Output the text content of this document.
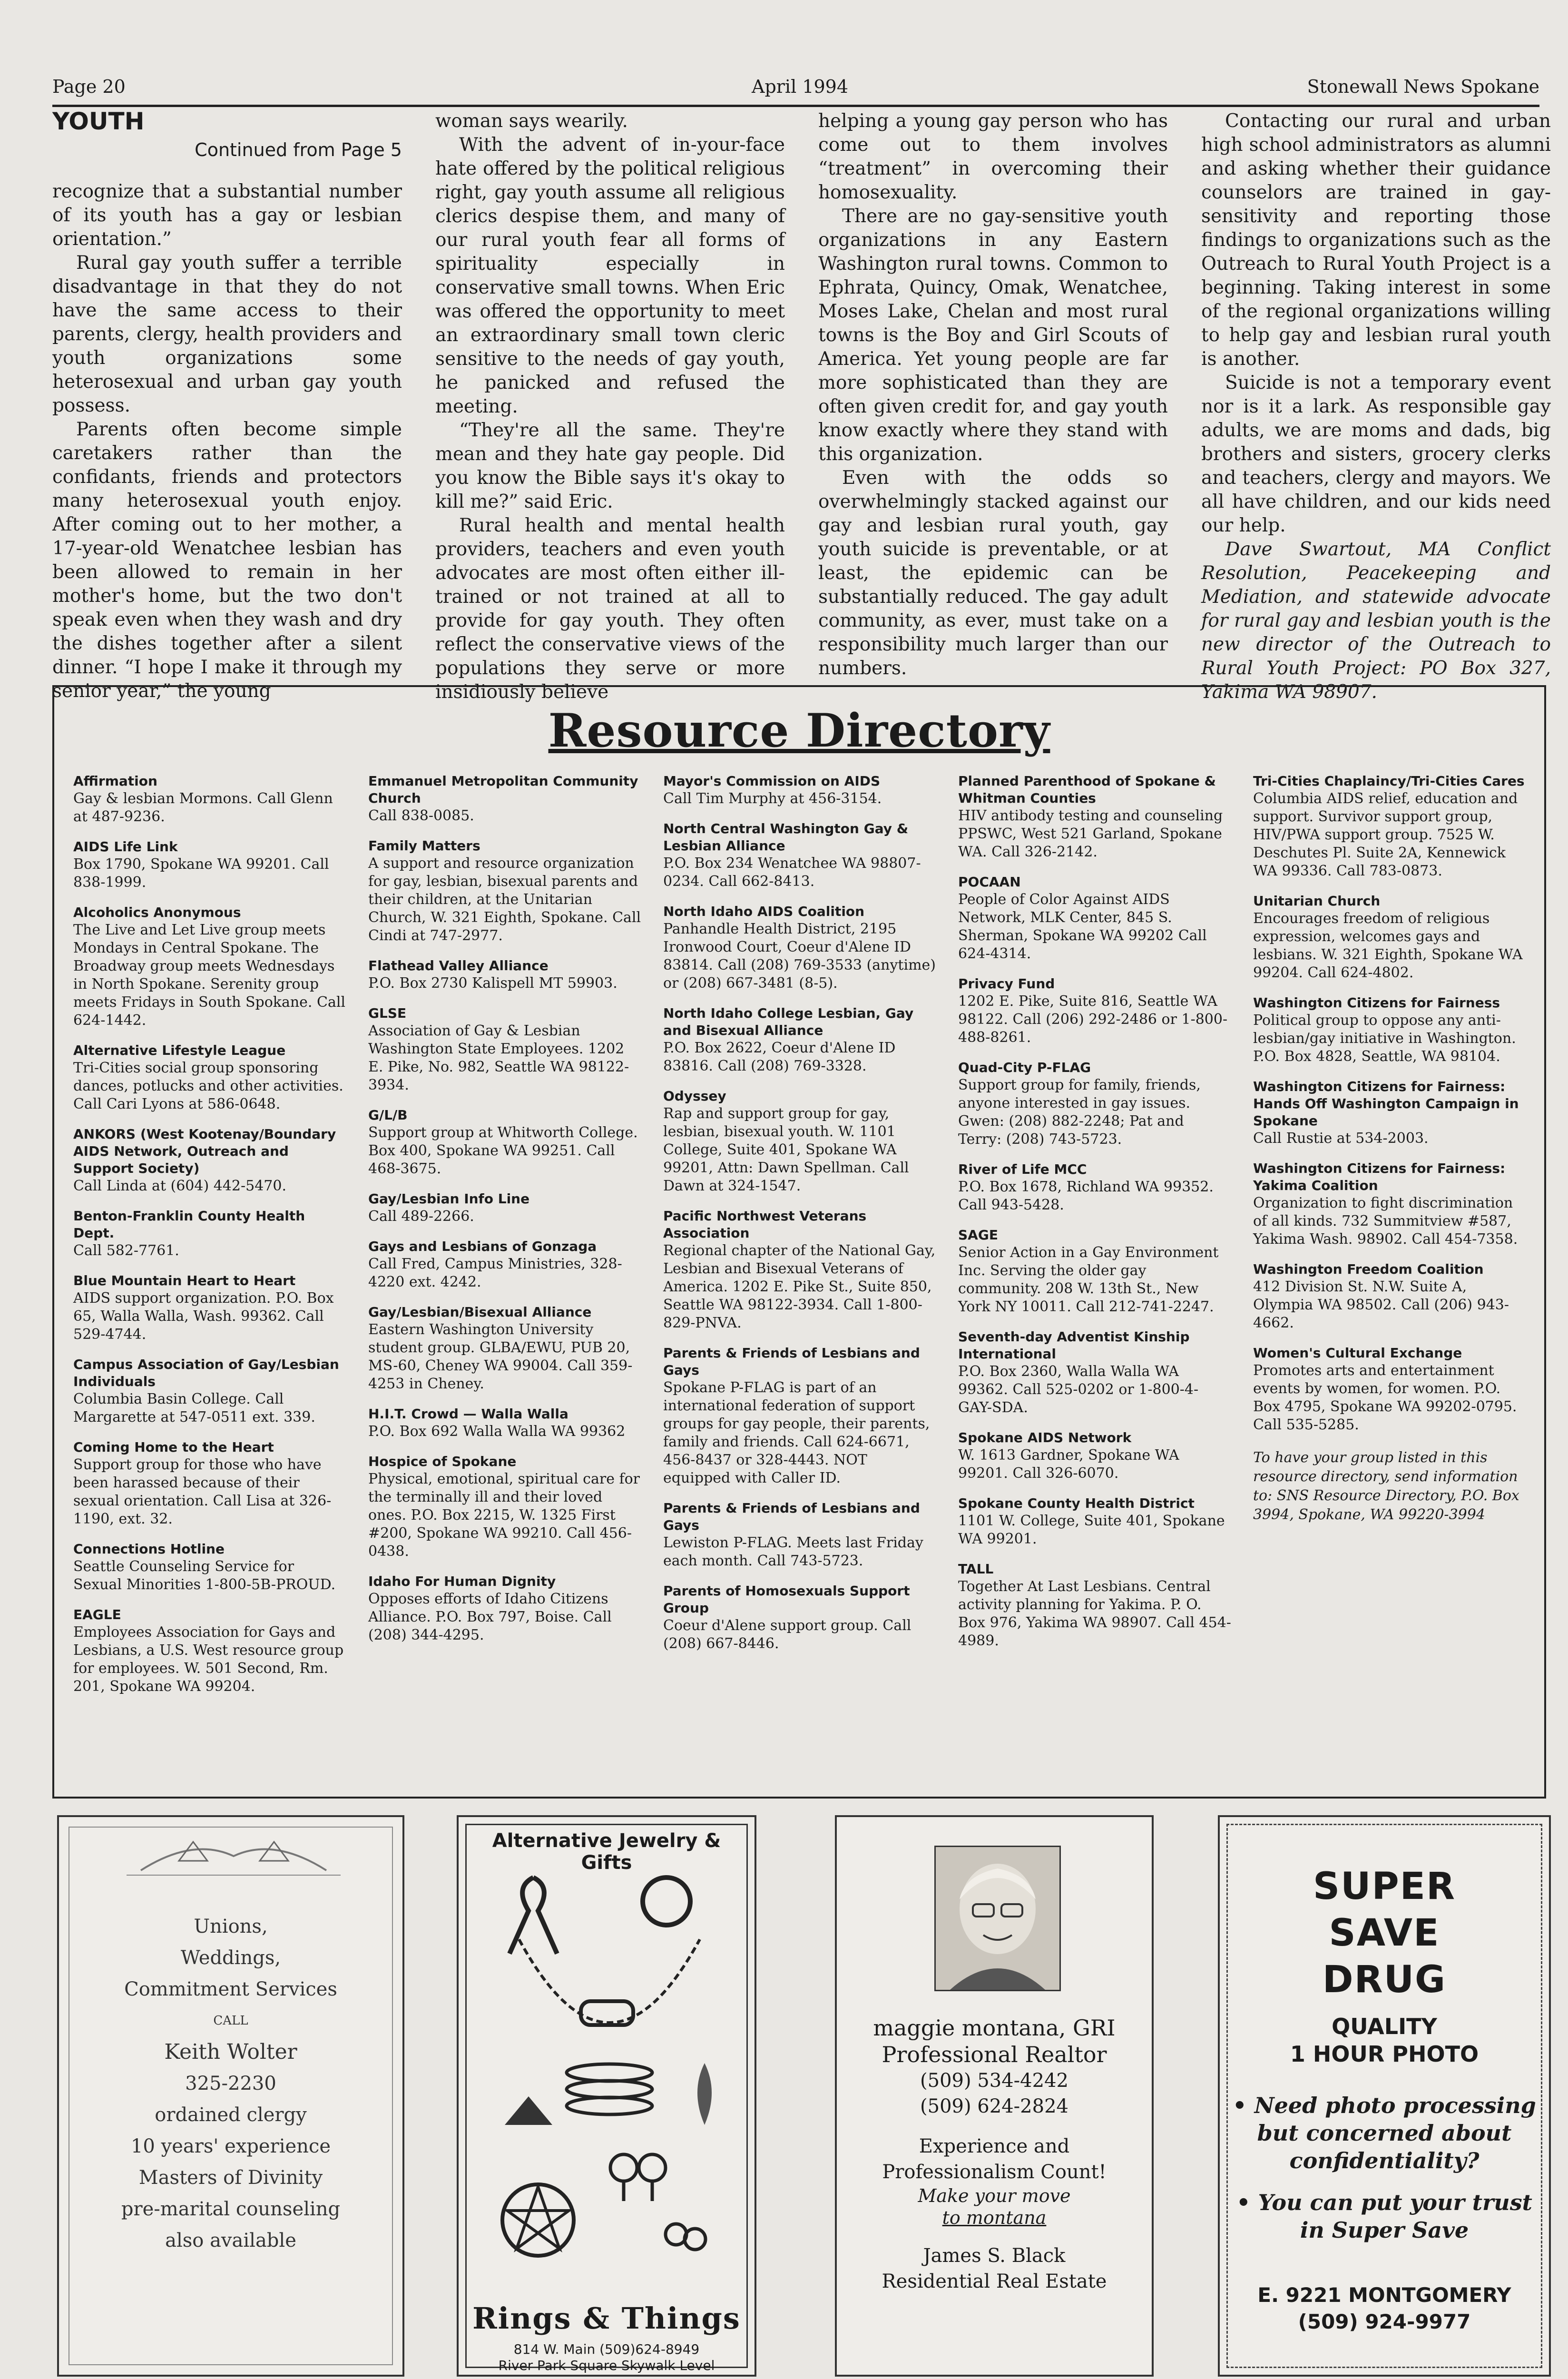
Page 20	April 1994	Stonewall News Spokane
YOUTH
Continued from Page 5

recognize that a substantial number of its youth has a gay or lesbian orientation.”

Rural gay youth suffer a terrible disadvantage in that they do not have the same access to their parents, clergy, health providers and youth organizations some heterosexual and urban gay youth possess.

Parents often become simple caretakers rather than the confidants, friends and protectors many heterosexual youth enjoy. After coming out to her mother, a 17-year-old Wenatchee lesbian has been allowed to remain in her mother's home, but the two don't speak even when they wash and dry the dishes together after a silent dinner. “I hope I make it through my senior year,” the young

woman says wearily.

With the advent of in-your-face hate offered by the political religious right, gay youth assume all religious clerics despise them, and many of our rural youth fear all forms of spirituality especially in conservative small towns. When Eric was offered the opportunity to meet an extraordinary small town cleric sensitive to the needs of gay youth, he panicked and refused the meeting.

“They're all the same. They're mean and they hate gay people. Did you know the Bible says it's okay to kill me?” said Eric.

Rural health and mental health providers, teachers and even youth advocates are most often either ill-trained or not trained at all to provide for gay youth. They often reflect the conservative views of the populations they serve or more insidiously believe

helping a young gay person who has come out to them involves “treatment” in overcoming their homosexuality.

There are no gay-sensitive youth organizations in any Eastern Washington rural towns. Common to Ephrata, Quincy, Omak, Wenatchee, Moses Lake, Chelan and most rural towns is the Boy and Girl Scouts of America. Yet young people are far more sophisticated than they are often given credit for, and gay youth know exactly where they stand with this organization.

Even with the odds so overwhelmingly stacked against our gay and lesbian rural youth, gay youth suicide is preventable, or at least, the epidemic can be substantially reduced. The gay adult community, as ever, must take on a responsibility much larger than our numbers.

Contacting our rural and urban high school administrators as alumni and asking whether their guidance counselors are trained in gay-sensitivity and reporting those findings to organizations such as the Outreach to Rural Youth Project is a beginning. Taking interest in some of the regional organizations willing to help gay and lesbian rural youth is another.

Suicide is not a temporary event nor is it a lark. As responsible gay adults, we are moms and dads, big brothers and sisters, grocery clerks and teachers, clergy and mayors. We all have children, and our kids need our help.

Dave Swartout, MA Conflict Resolution, Peacekeeping and Mediation, and statewide advocate for rural gay and lesbian youth is the new director of the Outreach to Rural Youth Project: PO Box 327, Yakima WA 98907.

Resource Directory
Affirmation
Gay & lesbian Mormons. Call Glenn at 487-9236.
AIDS Life Link
Box 1790, Spokane WA 99201. Call 838-1999.
Alcoholics Anonymous
The Live and Let Live group meets Mondays in Central Spokane. The Broadway group meets Wednesdays in North Spokane. Serenity group meets Fridays in South Spokane. Call 624-1442.
Alternative Lifestyle League
Tri-Cities social group sponsoring dances, potlucks and other activities. Call Cari Lyons at 586-0648.
ANKORS (West Kootenay/Boundary AIDS Network, Outreach and Support Society)
Call Linda at (604) 442-5470.
Benton-Franklin County Health Dept.
Call 582-7761.
Blue Mountain Heart to Heart
AIDS support organization. P.O. Box 65, Walla Walla, Wash. 99362. Call 529-4744.
Campus Association of Gay/Lesbian Individuals
Columbia Basin College. Call Margarette at 547-0511 ext. 339.
Coming Home to the Heart
Support group for those who have been harassed because of their sexual orientation. Call Lisa at 326-1190, ext. 32.
Connections Hotline
Seattle Counseling Service for Sexual Minorities 1-800-5B-PROUD.
EAGLE
Employees Association for Gays and Lesbians, a U.S. West resource group for employees. W. 501 Second, Rm. 201, Spokane WA 99204.
Emmanuel Metropolitan Community Church
Call 838-0085.
Family Matters
A support and resource organization for gay, lesbian, bisexual parents and their children, at the Unitarian Church, W. 321 Eighth, Spokane. Call Cindi at 747-2977.
Flathead Valley Alliance
P.O. Box 2730 Kalispell MT 59903.
GLSE
Association of Gay & Lesbian Washington State Employees. 1202 E. Pike, No. 982, Seattle WA 98122-3934.
G/L/B
Support group at Whitworth College. Box 400, Spokane WA 99251. Call 468-3675.
Gay/Lesbian Info Line
Call 489-2266.
Gays and Lesbians of Gonzaga
Call Fred, Campus Ministries, 328-4220 ext. 4242.
Gay/Lesbian/Bisexual Alliance
Eastern Washington University student group. GLBA/EWU, PUB 20, MS-60, Cheney WA 99004. Call 359-4253 in Cheney.
H.I.T. Crowd — Walla Walla
P.O. Box 692 Walla Walla WA 99362
Hospice of Spokane
Physical, emotional, spiritual care for the terminally ill and their loved ones. P.O. Box 2215, W. 1325 First #200, Spokane WA 99210. Call 456-0438.
Idaho For Human Dignity
Opposes efforts of Idaho Citizens Alliance. P.O. Box 797, Boise. Call (208) 344-4295.
Mayor's Commission on AIDS
Call Tim Murphy at 456-3154.
North Central Washington Gay & Lesbian Alliance
P.O. Box 234 Wenatchee WA 98807-0234. Call 662-8413.
North Idaho AIDS Coalition
Panhandle Health District, 2195 Ironwood Court, Coeur d'Alene ID 83814. Call (208) 769-3533 (anytime) or (208) 667-3481 (8-5).
North Idaho College Lesbian, Gay and Bisexual Alliance
P.O. Box 2622, Coeur d'Alene ID 83816. Call (208) 769-3328.
Odyssey
Rap and support group for gay, lesbian, bisexual youth. W. 1101 College, Suite 401, Spokane WA 99201, Attn: Dawn Spellman. Call Dawn at 324-1547.
Pacific Northwest Veterans Association
Regional chapter of the National Gay, Lesbian and Bisexual Veterans of America. 1202 E. Pike St., Suite 850, Seattle WA 98122-3934. Call 1-800-829-PNVA.
Parents & Friends of Lesbians and Gays
Spokane P-FLAG is part of an international federation of support groups for gay people, their parents, family and friends. Call 624-6671, 456-8437 or 328-4443. NOT equipped with Caller ID.
Parents & Friends of Lesbians and Gays
Lewiston P-FLAG. Meets last Friday each month. Call 743-5723.
Parents of Homosexuals Support Group
Coeur d'Alene support group. Call (208) 667-8446.
Planned Parenthood of Spokane & Whitman Counties
HIV antibody testing and counseling PPSWC, West 521 Garland, Spokane WA. Call 326-2142.
POCAAN
People of Color Against AIDS Network, MLK Center, 845 S. Sherman, Spokane WA 99202 Call 624-4314.
Privacy Fund
1202 E. Pike, Suite 816, Seattle WA 98122. Call (206) 292-2486 or 1-800-488-8261.
Quad-City P-FLAG
Support group for family, friends, anyone interested in gay issues. Gwen: (208) 882-2248; Pat and Terry: (208) 743-5723.
River of Life MCC
P.O. Box 1678, Richland WA 99352. Call 943-5428.
SAGE
Senior Action in a Gay Environment Inc. Serving the older gay community. 208 W. 13th St., New York NY 10011. Call 212-741-2247.
Seventh-day Adventist Kinship International
P.O. Box 2360, Walla Walla WA 99362. Call 525-0202 or 1-800-4-GAY-SDA.
Spokane AIDS Network
W. 1613 Gardner, Spokane WA 99201. Call 326-6070.
Spokane County Health District
1101 W. College, Suite 401, Spokane WA 99201.
TALL
Together At Last Lesbians. Central activity planning for Yakima. P. O. Box 976, Yakima WA 98907. Call 454-4989.
Tri-Cities Chaplaincy/Tri-Cities Cares
Columbia AIDS relief, education and support. Survivor support group, HIV/PWA support group. 7525 W. Deschutes Pl. Suite 2A, Kennewick WA 99336. Call 783-0873.
Unitarian Church
Encourages freedom of religious expression, welcomes gays and lesbians. W. 321 Eighth, Spokane WA 99204. Call 624-4802.
Washington Citizens for Fairness
Political group to oppose any anti-lesbian/gay initiative in Washington. P.O. Box 4828, Seattle, WA 98104.
Washington Citizens for Fairness: Hands Off Washington Campaign in Spokane
Call Rustie at 534-2003.
Washington Citizens for Fairness: Yakima Coalition
Organization to fight discrimination of all kinds. 732 Summitview #587, Yakima Wash. 98902. Call 454-7358.
Washington Freedom Coalition
412 Division St. N.W. Suite A, Olympia WA 98502. Call (206) 943-4662.
Women's Cultural Exchange
Promotes arts and entertainment events by women, for women. P.O. Box 4795, Spokane WA 99202-0795. Call 535-5285.
To have your group listed in this resource directory, send information to: SNS Resource Directory, P.O. Box 3994, Spokane, WA 99220-3994
Unions,
Weddings,
Commitment Services
CALL
Keith Wolter
325-2230
ordained clergy
10 years' experience
Masters of Divinity
pre-marital counseling
also available
Alternative Jewelry & Gifts
Rings & Things
814 W. Main (509)624-8949
River Park Square Skywalk Level
maggie montana, GRI
Professional Realtor
(509) 534-4242
(509) 624-2824
Experience and
Professionalism Count!
Make your move
to montana
James S. Black
Residential Real Estate
SUPER
SAVE
DRUG
QUALITY
1 HOUR PHOTO
• Need photo processing but concerned about confidentiality?
• You can put your trust in Super Save
E. 9221 MONTGOMERY
(509) 924-9977
